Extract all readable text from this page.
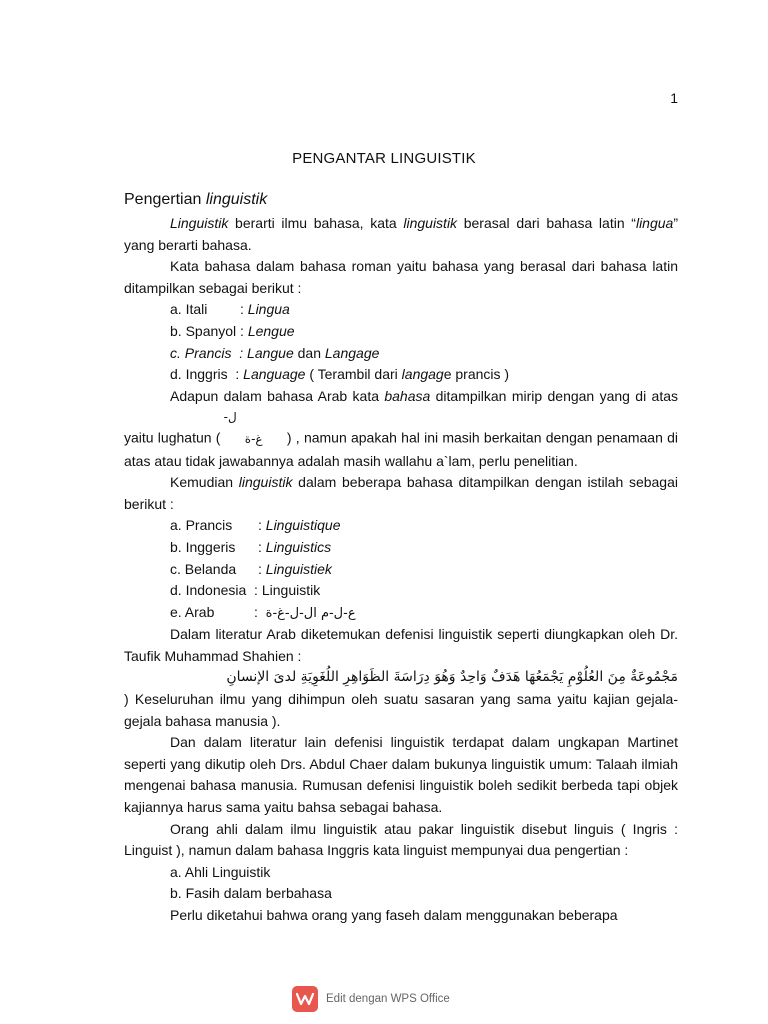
1
PENGANTAR LINGUISTIK
Pengertian linguistik

Linguistik berarti ilmu bahasa, kata linguistik berasal dari bahasa latin “lingua” yang berarti bahasa.

Kata bahasa dalam bahasa roman yaitu bahasa yang berasal dari bahasa latin ditampilkan sebagai berikut :

a. Itali : Lingua
b. Spanyol : Lengue
c. Prancis  : Langue dan Langage
d. Inggris  : Language ( Terambil dari langage prancis )

Adapun dalam bahasa Arab kata bahasa ditampilkan mirip dengan yang di atas yaitu lughatun ( ل-غ-ة ) , namun apakah hal ini masih berkaitan dengan penamaan di atas atau tidak jawabannya adalah masih wallahu a`lam, perlu penelitian.

Kemudian linguistik dalam beberapa bahasa ditampilkan dengan istilah sebagai berikut :

a. Prancis : Linguistique
b. Inggeris : Linguistics
c. Belanda : Linguistiek
d. Indonesia  : Linguistik
e. Arab	:  ع-ل-م ال-ل-غ-ة

Dalam literatur Arab diketemukan defenisi linguistik seperti diungkapkan oleh Dr. Taufik Muhammad Shahien :

مَجْمُوعَةٌ مِنَ العُلُوْمِ يَجْمَعُهَا هَدَفٌ وَاحِدٌ وَهُوَ دِرَاسَةَ الظَوَاهِرِ اللُغَوِيَةِ لدىَ الإنسانِ

) Keseluruhan ilmu yang dihimpun oleh suatu sasaran yang sama yaitu kajian gejala-gejala bahasa manusia ).

Dan dalam literatur lain defenisi linguistik terdapat dalam ungkapan Martinet seperti yang dikutip oleh Drs. Abdul Chaer dalam bukunya linguistik umum: Talaah ilmiah mengenai bahasa manusia. Rumusan defenisi linguistik boleh sedikit berbeda tapi objek kajiannya harus sama yaitu bahsa sebagai bahasa.

Orang ahli dalam ilmu linguistik atau pakar linguistik disebut linguis ( Ingris : Linguist ), namun dalam bahasa Inggris kata linguist mempunyai dua pengertian :

a. Ahli Linguistik
b. Fasih dalam berbahasa

Perlu diketahui bahwa orang yang faseh dalam menggunakan beberapa

Edit dengan WPS Office
